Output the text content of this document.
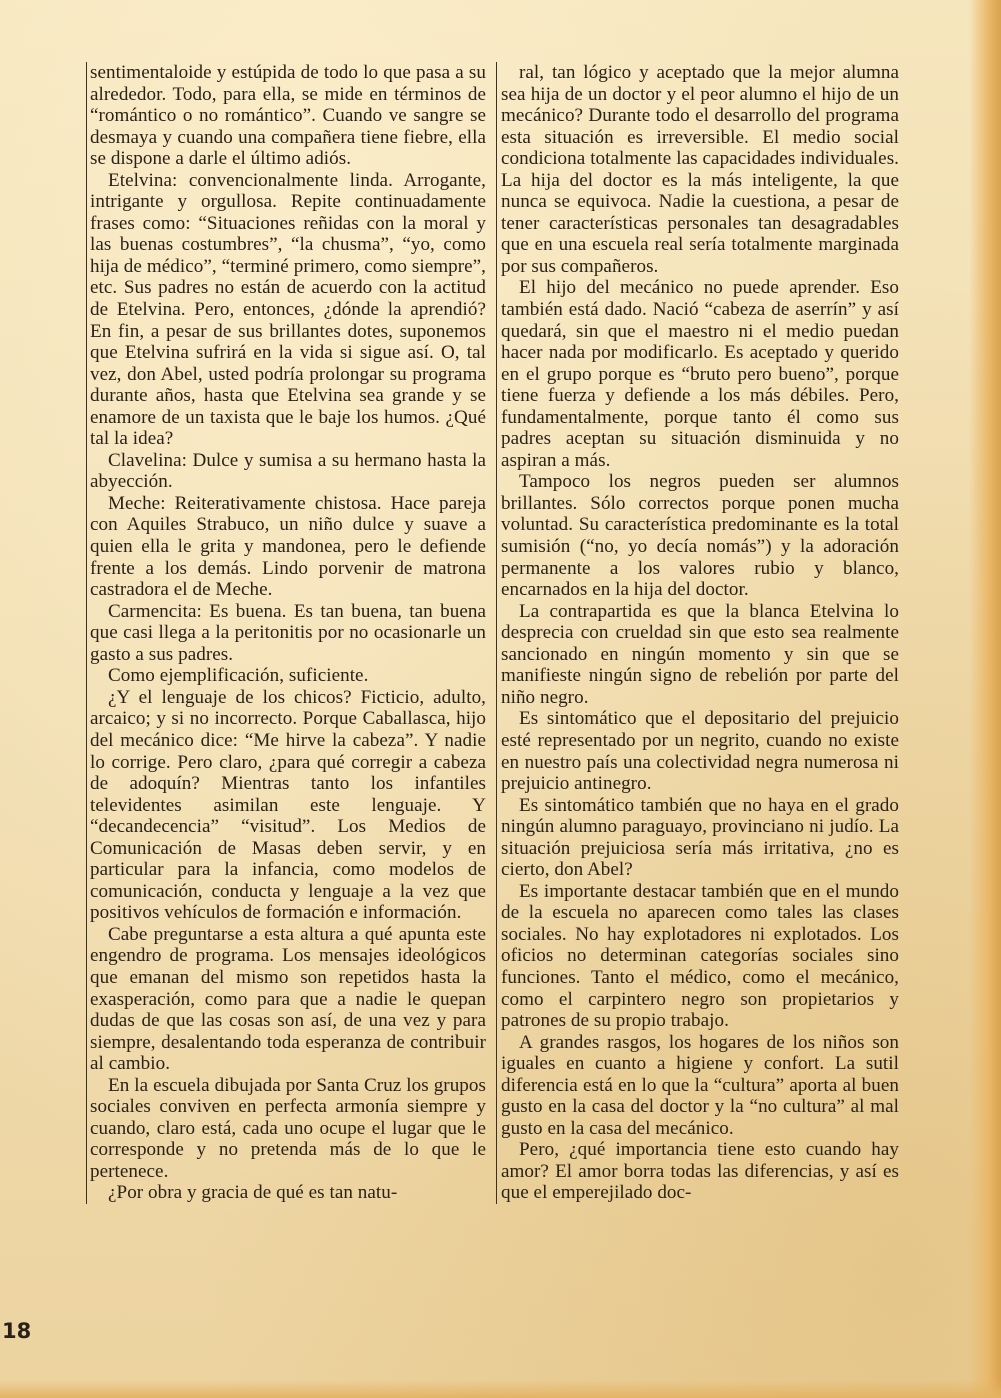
sentimentaloide y estúpida de todo lo que pasa a su alrededor. Todo, para ella, se mide en términos de “romántico o no romántico”. Cuando ve sangre se desmaya y cuando una compañera tiene fiebre, ella se dispone a darle el último adiós.

Etelvina: convencionalmente linda. Arrogante, intrigante y orgullosa. Repite continuadamente frases como: “Situaciones reñidas con la moral y las buenas costumbres”, “la chusma”, “yo, como hija de médico”, “terminé primero, como siempre”, etc. Sus padres no están de acuerdo con la actitud de Etelvina. Pero, entonces, ¿dónde la aprendió? En fin, a pesar de sus brillantes dotes, suponemos que Etelvina sufrirá en la vida si sigue así. O, tal vez, don Abel, usted podría prolongar su programa durante años, hasta que Etelvina sea grande y se enamore de un taxista que le baje los humos. ¿Qué tal la idea?

Clavelina: Dulce y sumisa a su hermano hasta la abyección.

Meche: Reiterativamente chistosa. Hace pareja con Aquiles Strabuco, un niño dulce y suave a quien ella le grita y mandonea, pero le defiende frente a los demás. Lindo porvenir de matrona castradora el de Meche.

Carmencita: Es buena. Es tan buena, tan buena que casi llega a la peritonitis por no ocasionarle un gasto a sus padres.

Como ejemplificación, suficiente.

¿Y el lenguaje de los chicos? Ficticio, adulto, arcaico; y si no incorrecto. Porque Caballasca, hijo del mecánico dice: “Me hirve la cabeza”. Y nadie lo corrige. Pero claro, ¿para qué corregir a cabeza de adoquín? Mientras tanto los infantiles televidentes asimilan este lenguaje. Y “decandecencia” “visitud”. Los Medios de Comunicación de Masas deben servir, y en particular para la infancia, como modelos de comunicación, conducta y lenguaje a la vez que positivos vehículos de formación e información.

Cabe preguntarse a esta altura a qué apunta este engendro de programa. Los mensajes ideológicos que emanan del mismo son repetidos hasta la exasperación, como para que a nadie le quepan dudas de que las cosas son así, de una vez y para siempre, desalentando toda esperanza de contribuir al cambio.

En la escuela dibujada por Santa Cruz los grupos sociales conviven en perfecta armonía siempre y cuando, claro está, cada uno ocupe el lugar que le corresponde y no pretenda más de lo que le pertenece.

¿Por obra y gracia de qué es tan natu-

ral, tan lógico y aceptado que la mejor alumna sea hija de un doctor y el peor alumno el hijo de un mecánico? Durante todo el desarrollo del programa esta situación es irreversible. El medio social condiciona totalmente las capacidades individuales. La hija del doctor es la más inteligente, la que nunca se equivoca. Nadie la cuestiona, a pesar de tener características personales tan desagradables que en una escuela real sería totalmente marginada por sus compañeros.

El hijo del mecánico no puede aprender. Eso también está dado. Nació “cabeza de aserrín” y así quedará, sin que el maestro ni el medio puedan hacer nada por modificarlo. Es aceptado y querido en el grupo porque es “bruto pero bueno”, porque tiene fuerza y defiende a los más débiles. Pero, fundamentalmente, porque tanto él como sus padres aceptan su situación disminuida y no aspiran a más.

Tampoco los negros pueden ser alumnos brillantes. Sólo correctos porque ponen mucha voluntad. Su característica predominante es la total sumisión (“no, yo decía nomás”) y la adoración permanente a los valores rubio y blanco, encarnados en la hija del doctor.

La contrapartida es que la blanca Etelvina lo desprecia con crueldad sin que esto sea realmente sancionado en ningún momento y sin que se manifieste ningún signo de rebelión por parte del niño negro.

Es sintomático que el depositario del prejuicio esté representado por un negrito, cuando no existe en nuestro país una colectividad negra numerosa ni prejuicio antinegro.

Es sintomático también que no haya en el grado ningún alumno paraguayo, provinciano ni judío. La situación prejuiciosa sería más irritativa, ¿no es cierto, don Abel?

Es importante destacar también que en el mundo de la escuela no aparecen como tales las clases sociales. No hay explotadores ni explotados. Los oficios no determinan categorías sociales sino funciones. Tanto el médico, como el mecánico, como el carpintero negro son propietarios y patrones de su propio trabajo.

A grandes rasgos, los hogares de los niños son iguales en cuanto a higiene y confort. La sutil diferencia está en lo que la “cultura” aporta al buen gusto en la casa del doctor y la “no cultura” al mal gusto en la casa del mecánico.

Pero, ¿qué importancia tiene esto cuando hay amor? El amor borra todas las diferencias, y así es que el emperejilado doc-

18
